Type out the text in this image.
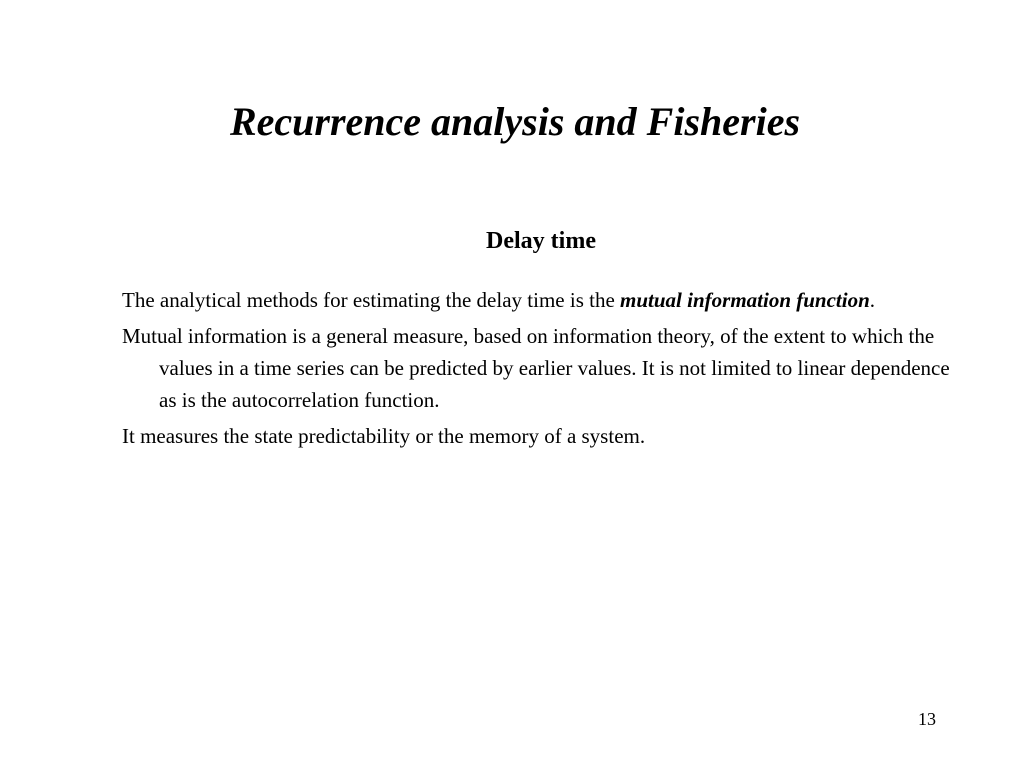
Recurrence analysis and Fisheries
Delay time

The analytical methods for estimating the delay time is the mutual information function.

Mutual information is a general measure, based on information theory, of the extent to which the values in a time series can be predicted by earlier values. It is not limited to linear dependence as is the autocorrelation function.

It measures the state predictability or the memory of a system.

13
